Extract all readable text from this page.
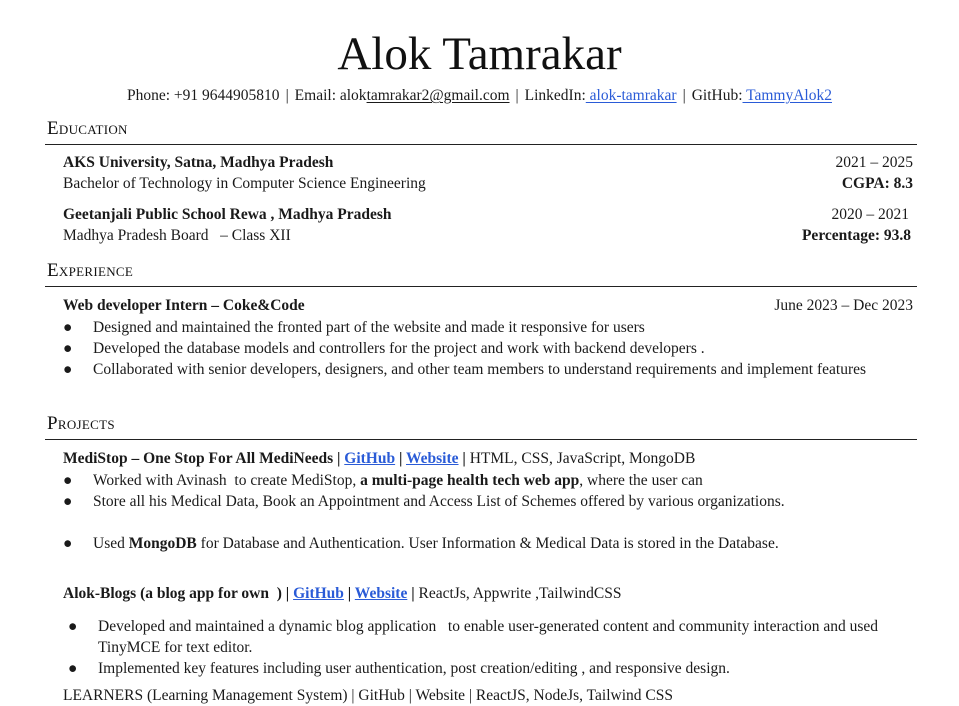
Alok Tamrakar
Phone: +91 9644905810 | Email: aloktamrakar2@gmail.com | LinkedIn: alok-tamrakar | GitHub: TammyAlok2
Education
AKS University, Satna, Madhya Pradesh	2021 – 2025
Bachelor of Technology in Computer Science Engineering	CGPA: 8.3
Geetanjali Public School Rewa , Madhya Pradesh	2020 – 2021
Madhya Pradesh Board   – Class XII	Percentage: 93.8
Experience
Web developer Intern – Coke&Code	June 2023 – Dec 2023
●	Designed and maintained the fronted part of the website and made it responsive for users
●	Developed the database models and controllers for the project and work with backend developers .
●	Collaborated with senior developers, designers, and other team members to understand requirements and implement features
Projects
MediStop – One Stop For All MediNeeds | GitHub | Website | HTML, CSS, JavaScript, MongoDB
●	Worked with Avinash  to create MediStop, a multi-page health tech web app, where the user can
●	Store all his Medical Data, Book an Appointment and Access List of Schemes offered by various organizations.
●	Used MongoDB for Database and Authentication. User Information & Medical Data is stored in the Database.
Alok-Blogs (a blog app for own  ) | GitHub | Website | ReactJs, Appwrite ,TailwindCSS
●	Developed and maintained a dynamic blog application   to enable user-generated content and community interaction and used TinyMCE for text editor.
●	Implemented key features including user authentication, post creation/editing , and responsive design.
LEARNERS (Learning Management System) | GitHub | Website | ReactJS, NodeJs, Tailwind CSS
